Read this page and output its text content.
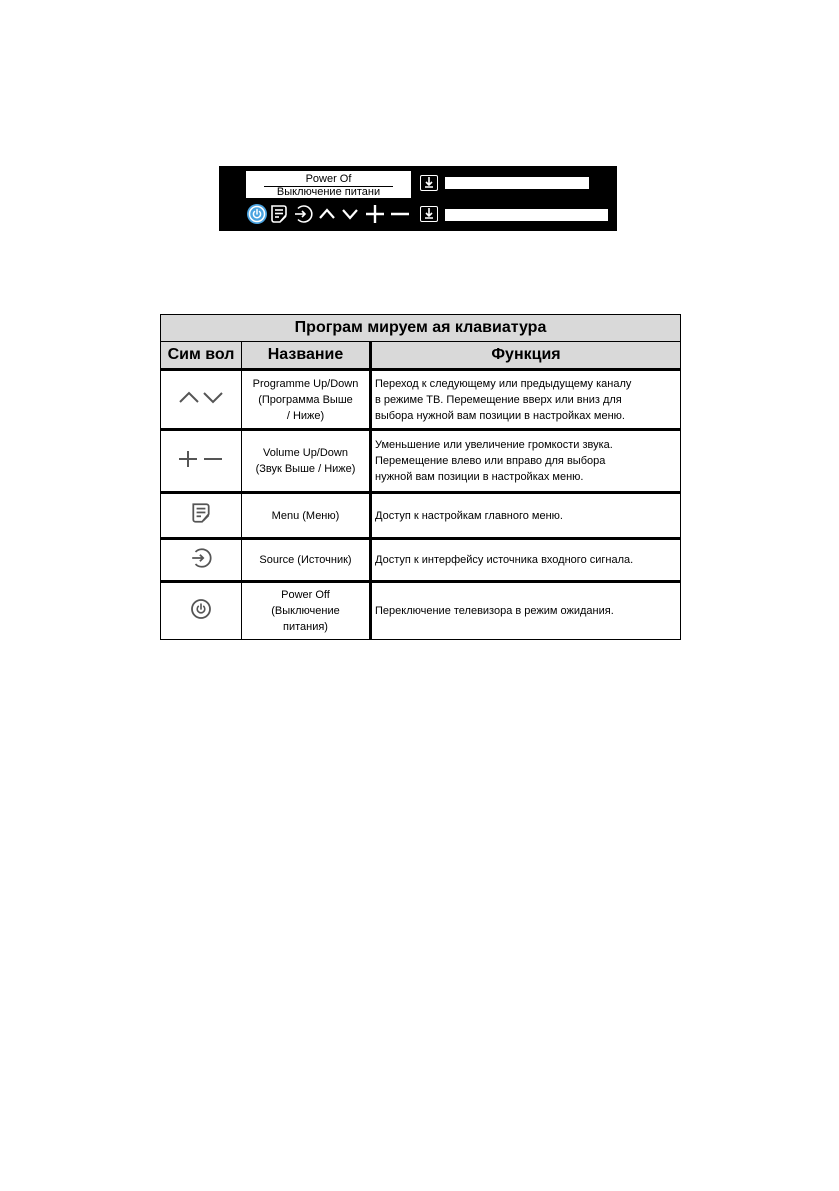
Power Of
Выключение питани
Програм мируем ая клавиатура		
Сим вол	Название	Функция

Programme Up/Down
(Программа Выше
/ Ниже)	Переход к следующему или предыдущему каналу
в режиме ТВ. Перемещение вверх или вниз для
выбора нужной вам позиции в настройках меню.

Volume Up/Down
(Звук Выше / Ниже)	Уменьшение или увеличение громкости звука.
Перемещение влево или вправо для выбора
нужной вам позиции в настройках меню.

Menu (Меню)	Доступ к настройкам главного меню.

Source (Источник)	Доступ к интерфейсу источника входного сигнала.

Power Off
(Выключение
питания)	Переключение телевизора в режим ожидания.
